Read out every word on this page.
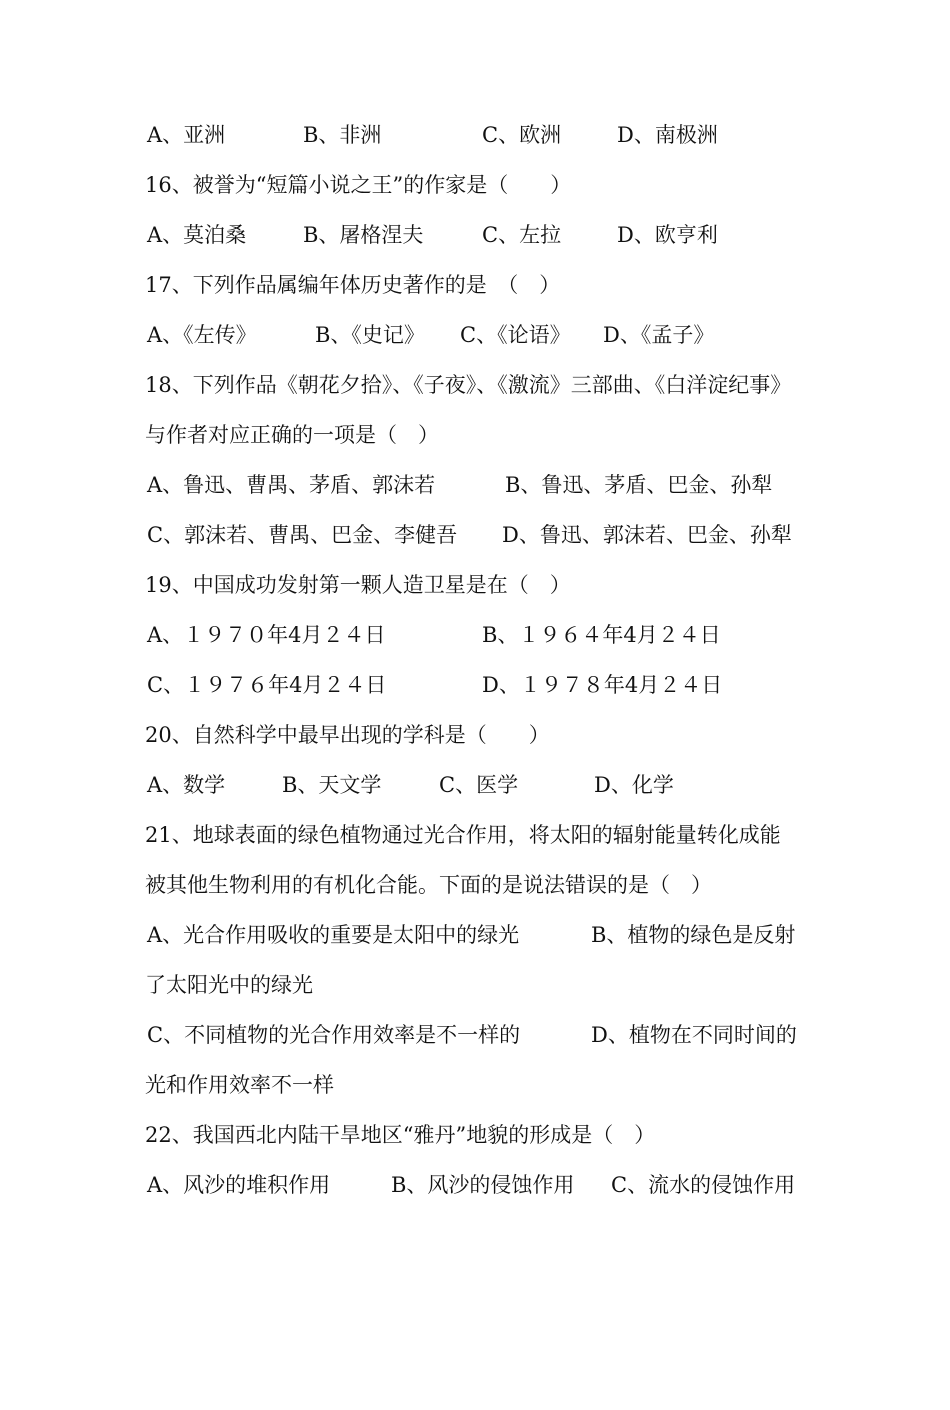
A、亚洲

	B、非洲

	C、欧洲

	D、南极洲

16、被誉为“短篇小说之王”的作家是（　　）

A、莫泊桑

	B、屠格涅夫

	C、左拉

	D、欧亨利

17、下列作品属编年体历史著作的是　（　）

A、《左传》

	B、《史记》

C、《论语》

D、《孟子》

18、下列作品《朝花夕拾》、《子夜》、《激流》三部曲、《白洋淀纪事》
与作者对应正确的一项是（　）

A、鲁迅、曹禺、茅盾、郭沫若

	B、鲁迅、茅盾、巴金、孙犁

C、郭沫若、曹禺、巴金、李健吾

D、鲁迅、郭沫若、巴金、孙犁

19、中国成功发射第一颗人造卫星是在（　）

A、１９７０年4月２４日

	B、１９６４年4月２４日

C、１９７６年4月２４日

	D、１９７８年4月２４日

20、自然科学中最早出现的学科是（　　）

A、数学

	B、天文学

	C、医学

	D、化学

21、地球表面的绿色植物通过光合作用，将太阳的辐射能量转化成能
被其他生物利用的有机化合能。下面的是说法错误的是（　）

A、光合作用吸收的重要是太阳中的绿光

	B、植物的绿色是反射

了太阳光中的绿光

C、不同植物的光合作用效率是不一样的

	D、植物在不同时间的

光和作用效率不一样
22、我国西北内陆干旱地区“雅丹”地貌的形成是（　）

A、风沙的堆积作用

	B、风沙的侵蚀作用

C、流水的侵蚀作用
